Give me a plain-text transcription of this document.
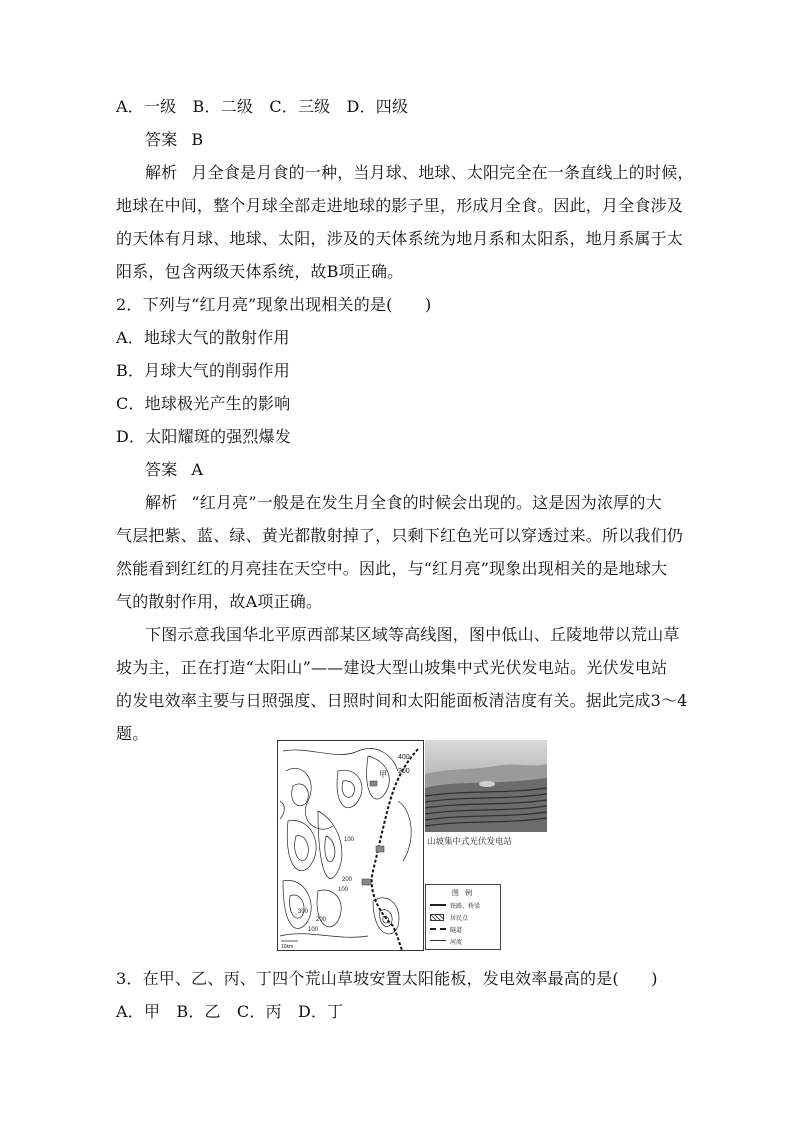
A．一级　B．二级　C．三级　D．四级
答案 B
解析 月全食是月食的一种，当月球、地球、太阳完全在一条直线上的时候，
地球在中间，整个月球全部走进地球的影子里，形成月全食。因此，月全食涉及
的天体有月球、地球、太阳，涉及的天体系统为地月系和太阳系，地月系属于太
阳系，包含两级天体系统，故B项正确。
2．下列与“红月亮”现象出现相关的是(　　)
A．地球大气的散射作用
B．月球大气的削弱作用
C．地球极光产生的影响
D．太阳耀斑的强烈爆发
答案 A
解析 “红月亮”一般是在发生月全食的时候会出现的。这是因为浓厚的大
气层把紫、蓝、绿、黄光都散射掉了，只剩下红色光可以穿透过来。所以我们仍
然能看到红红的月亮挂在天空中。因此，与“红月亮”现象出现相关的是地球大
气的散射作用，故A项正确。
下图示意我国华北平原西部某区域等高线图，图中低山、丘陵地带以荒山草
坡为主，正在打造“太阳山”——建设大型山坡集中式光伏发电站。光伏发电站
的发电效率主要与日照强度、日照时间和太阳能面板清洁度有关。据此完成3～4
题。
400
200
甲
100
200
100
300
200
100
10km
山坡集中式光伏发电站
图 例
铁路、桥梁
居民点
隧道
河流
3．在甲、乙、丙、丁四个荒山草坡安置太阳能板，发电效率最高的是(　　)
A．甲　B．乙　C．丙　D．丁
